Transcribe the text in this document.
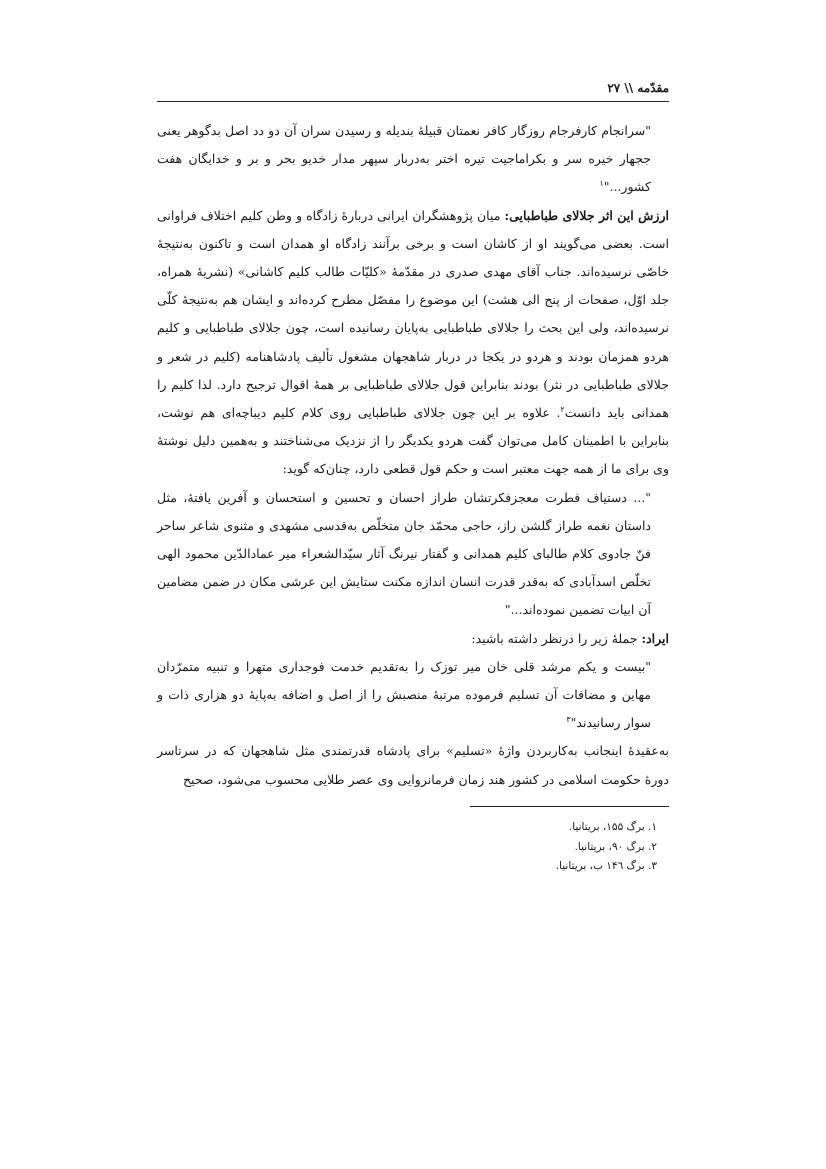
مقدّمه \\ ۲۷

"سرانجام کارفرجام روزگار کافر نعمتان قبیلهٔ بندیله و رسیدن سران آن دو دد اصل بدگوهر یعنی ججهار خیره سر و بکراماجیت تیره اختر به‌دربار سپهر مدار خدیو بحر و بر و خدایگان هفت کشور..."$^۱$

ارزش این اثر جلالای طباطبایی: میان پژوهشگران ایرانی دربارهٔ زادگاه و وطن کلیم اختلاف فراوانی است. بعضی می‌گویند او از کاشان است و برخی برآنند زادگاه او همدان است و تاکنون به‌نتیجهٔ خاصّی نرسیده‌اند. جناب آقای مهدی صدری در مقدّمهٔ «کلیّات طالب کلیم کاشانی» (نشریهٔ همراه، جلد اوّل، صفحات از پنج الی هشت) این موضوع را مفصّل مطرح کرده‌اند و ایشان هم به‌نتیجهٔ کلّی نرسیده‌اند، ولی این بحث را جلالای طباطبایی به‌پایان رسانیده است، چون جلالای طباطبایی و کلیم هردو همزمان بودند و هردو در یکجا در دربار شاهجهان مشغول تألیف پادشاهنامه (کلیم در شعر و جلالای طباطبایی در نثر) بودند بنابراین قول جلالای طباطبایی بر همهٔ اقوال ترجیح دارد. لذا کلیم را همدانی باید دانست$^۲$. علاوه بر این چون جلالای طباطبایی روی کلام کلیم دیباچه‌ای هم نوشت، بنابراین با اطمینان کامل می‌توان گفت هردو یکدیگر را از نزدیک می‌شناختند و به‌همین دلیل نوشتهٔ وی برای ما از همه جهت معتبر است و حکم قول قطعی دارد، چنان‌که گوید:

"... دستیاف فطرت معجزفکرتشان طراز احسان و تحسین و استحسان و آفرین یافتهٔ، مثل داستان نغمه طراز گلشن راز، حاجی محمّد جان متخلّص به‌قدسی مشهدی و مثنوی شاعر ساحر فنّ جادوی کلام طالبای کلیم همدانی و گفتار نیرنگ آثار سیّدالشعراء میر عمادالدّین محمود الهی تخلّص اسدآبادی که به‌قدر قدرت انسان اندازه مکنت ستایش این عرشی مکان در ضمن مضامین آن ابیات تضمین نموده‌اند..."

ایراد: جملهٔ زیر را درنظر داشته باشید:

"بیست و یکم مرشد قلی خان میر توزک را به‌تقدیم خدمت فوجداری متهرا و تنبیه متمرّدان مهاین و مضافات آن تسلیم فرموده مرتبهٔ منصبش را از اصل و اضافه به‌پایهٔ دو هزاری ذات و سوار رسانیدند"$^۳$

به‌عقیدهٔ اینجانب به‌کاربردن واژهٔ «تسلیم» برای پادشاه قدرتمندی مثل شاهجهان که در سرتاسر دورهٔ حکومت اسلامی در کشور هند زمان فرمانروایی وی عصر طلایی محسوب می‌شود، صحیح

۱. برگ ۱۵۵، بریتانیا.
۲. برگ ۹۰، بریتانیا.
۳. برگ ۱۴٦ ب، بریتانیا.
